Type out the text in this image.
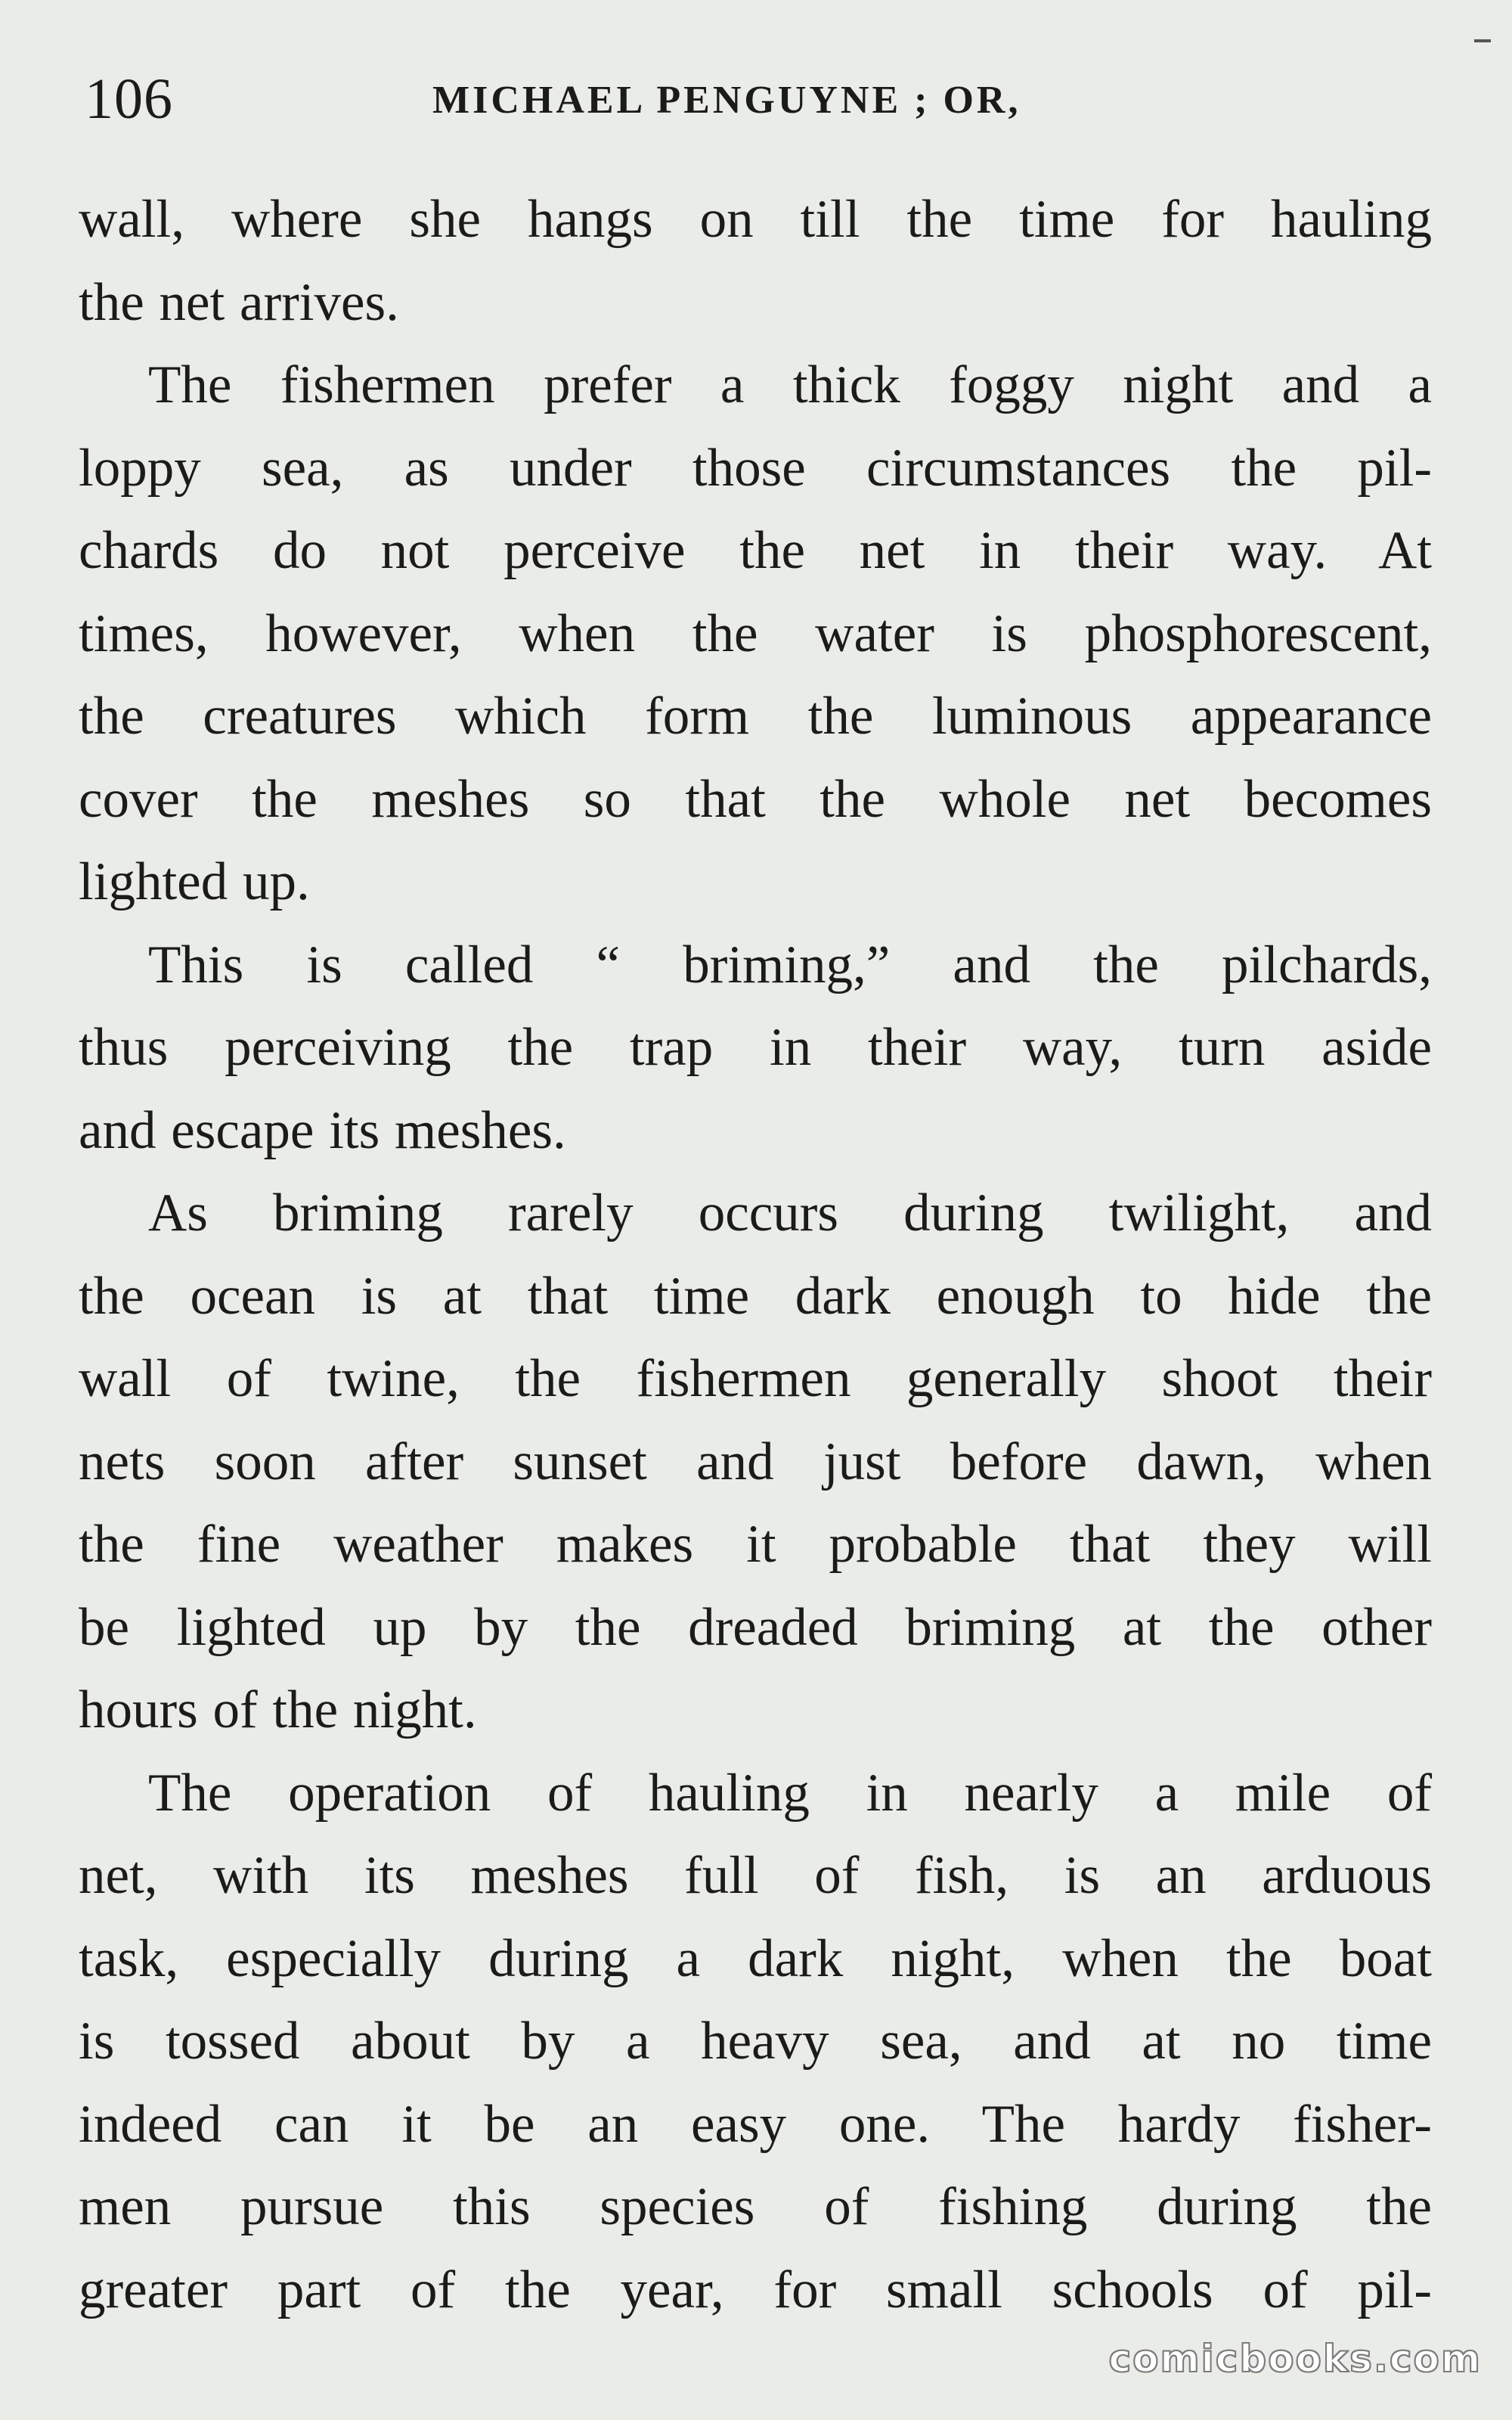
106	MICHAEL PENGUYNE ; OR,

wall, where she hangs on till the time for hauling
the net arrives.

The fishermen prefer a thick foggy night and a
loppy sea, as under those circumstances the pil-
chards do not perceive the net in their way. At
times, however, when the water is phosphorescent,
the creatures which form the luminous appearance
cover the meshes so that the whole net becomes
lighted up.

This is called “ briming,” and the pilchards,
thus perceiving the trap in their way, turn aside
and escape its meshes.

As briming rarely occurs during twilight, and
the ocean is at that time dark enough to hide the
wall of twine, the fishermen generally shoot their
nets soon after sunset and just before dawn, when
the fine weather makes it probable that they will
be lighted up by the dreaded briming at the other
hours of the night.

The operation of hauling in nearly a mile of
net, with its meshes full of fish, is an arduous
task, especially during a dark night, when the boat
is tossed about by a heavy sea, and at no time
indeed can it be an easy one. The hardy fisher-
men pursue this species of fishing during the
greater part of the year, for small schools of pil-

comicbooks.com
